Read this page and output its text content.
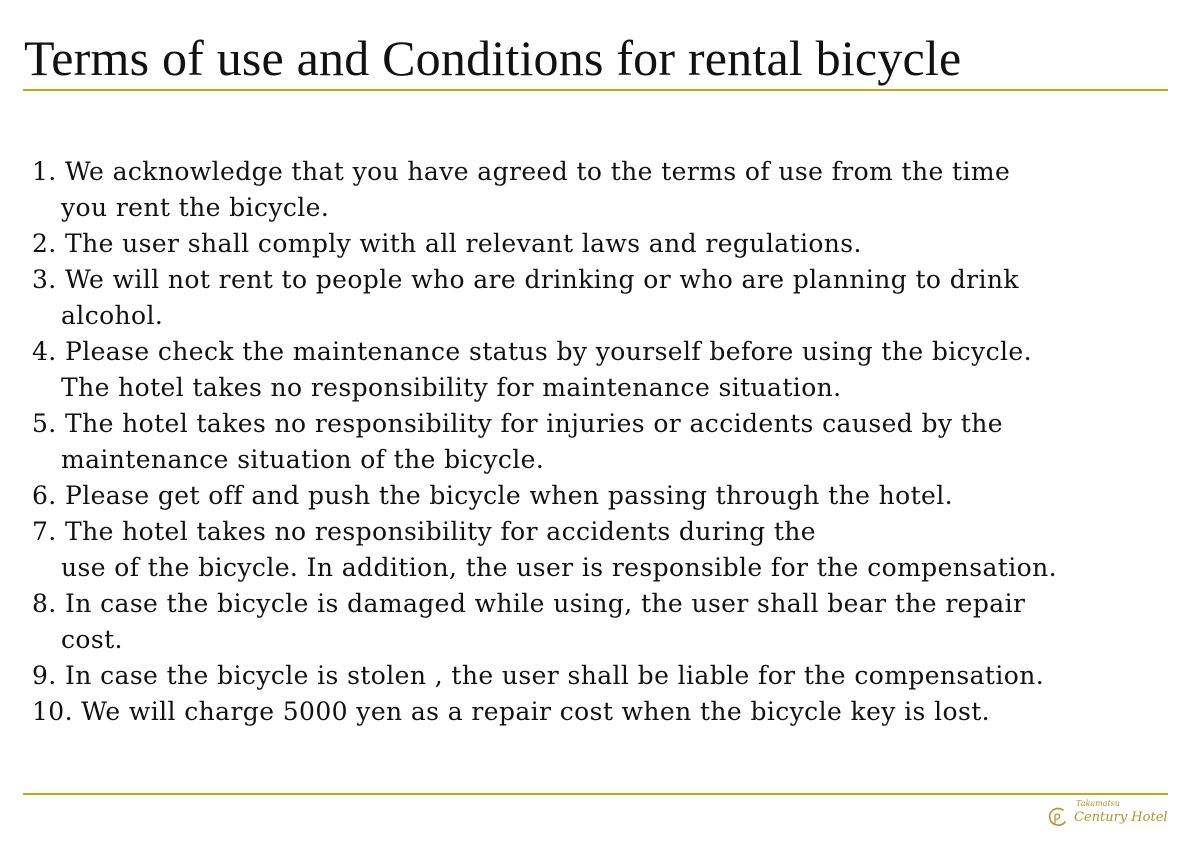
Terms of use and Conditions for rental bicycle
1. We acknowledge that you have agreed to the terms of use from the time
you rent the bicycle.
2. The user shall comply with all relevant laws and regulations.
3. We will not rent to people who are drinking or who are planning to drink
alcohol.
4. Please check the maintenance status by yourself before using the bicycle.
The hotel takes no responsibility for maintenance situation.
5. The hotel takes no responsibility for injuries or accidents caused by the
maintenance situation of the bicycle.
6. Please get off and push the bicycle when passing through the hotel.
7. The hotel takes no responsibility for accidents during the
use of the bicycle. In addition, the user is responsible for the compensation.
8. In case the bicycle is damaged while using, the user shall bear the repair
cost.
9. In case the bicycle is stolen , the user shall be liable for the compensation.
10. We will charge 5000 yen as a repair cost when the bicycle key is lost.
Takamatsu
Century Hotel
